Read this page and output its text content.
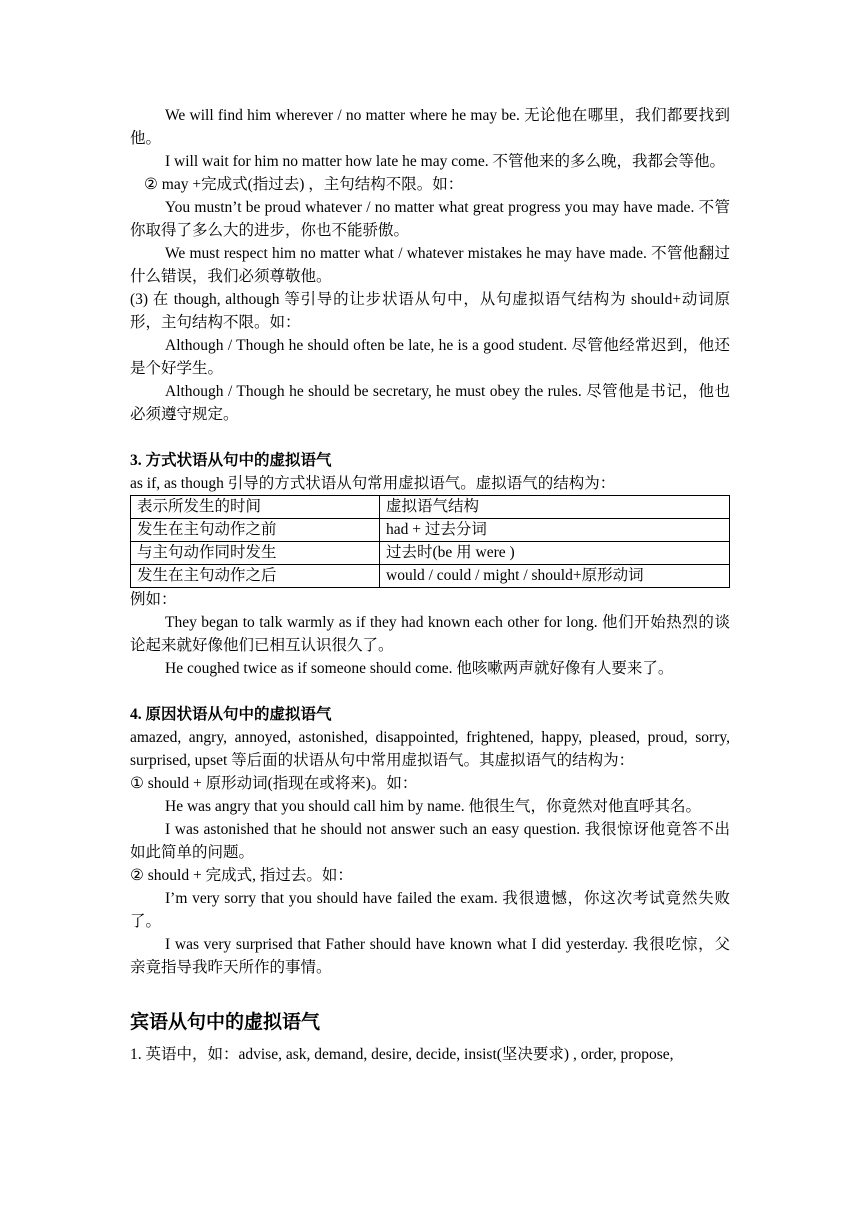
We will find him wherever / no matter where he may be. 无论他在哪里，我们都要找到他。

I will wait for him no matter how late he may come. 不管他来的多么晚，我都会等他。

② may +完成式(指过去) ，主句结构不限。如：

You mustn’t be proud whatever / no matter what great progress you may have made. 不管你取得了多么大的进步，你也不能骄傲。

We must respect him no matter what / whatever mistakes he may have made. 不管他翻过什么错误，我们必须尊敬他。

(3) 在 though, although 等引导的让步状语从句中，从句虚拟语气结构为 should+动词原形，主句结构不限。如：

Although / Though he should often be late, he is a good student. 尽管他经常迟到，他还是个好学生。

Although / Though he should be secretary, he must obey the rules. 尽管他是书记，他也必须遵守规定。

3. 方式状语从句中的虚拟语气

as if, as though 引导的方式状语从句常用虚拟语气。虚拟语气的结构为：

表示所发生的时间	虚拟语气结构
发生在主句动作之前	had + 过去分词
与主句动作同时发生	过去时(be 用 were )
发生在主句动作之后	would / could / might / should+原形动词

例如：

They began to talk warmly as if they had known each other for long. 他们开始热烈的谈论起来就好像他们已相互认识很久了。

He coughed twice as if someone should come. 他咳嗽两声就好像有人要来了。

4. 原因状语从句中的虚拟语气

amazed, angry, annoyed, astonished, disappointed, frightened, happy, pleased, proud, sorry, surprised, upset 等后面的状语从句中常用虚拟语气。其虚拟语气的结构为：

① should + 原形动词(指现在或将来)。如：

He was angry that you should call him by name. 他很生气，你竟然对他直呼其名。

I was astonished that he should not answer such an easy question. 我很惊讶他竟答不出如此简单的问题。

② should + 完成式, 指过去。如：

I’m very sorry that you should have failed the exam. 我很遗憾，你这次考试竟然失败了。

I was very surprised that Father should have known what I did yesterday. 我很吃惊，父亲竟指导我昨天所作的事情。

宾语从句中的虚拟语气

1. 英语中，如：advise, ask, demand, desire, decide, insist(坚决要求) , order, propose,
